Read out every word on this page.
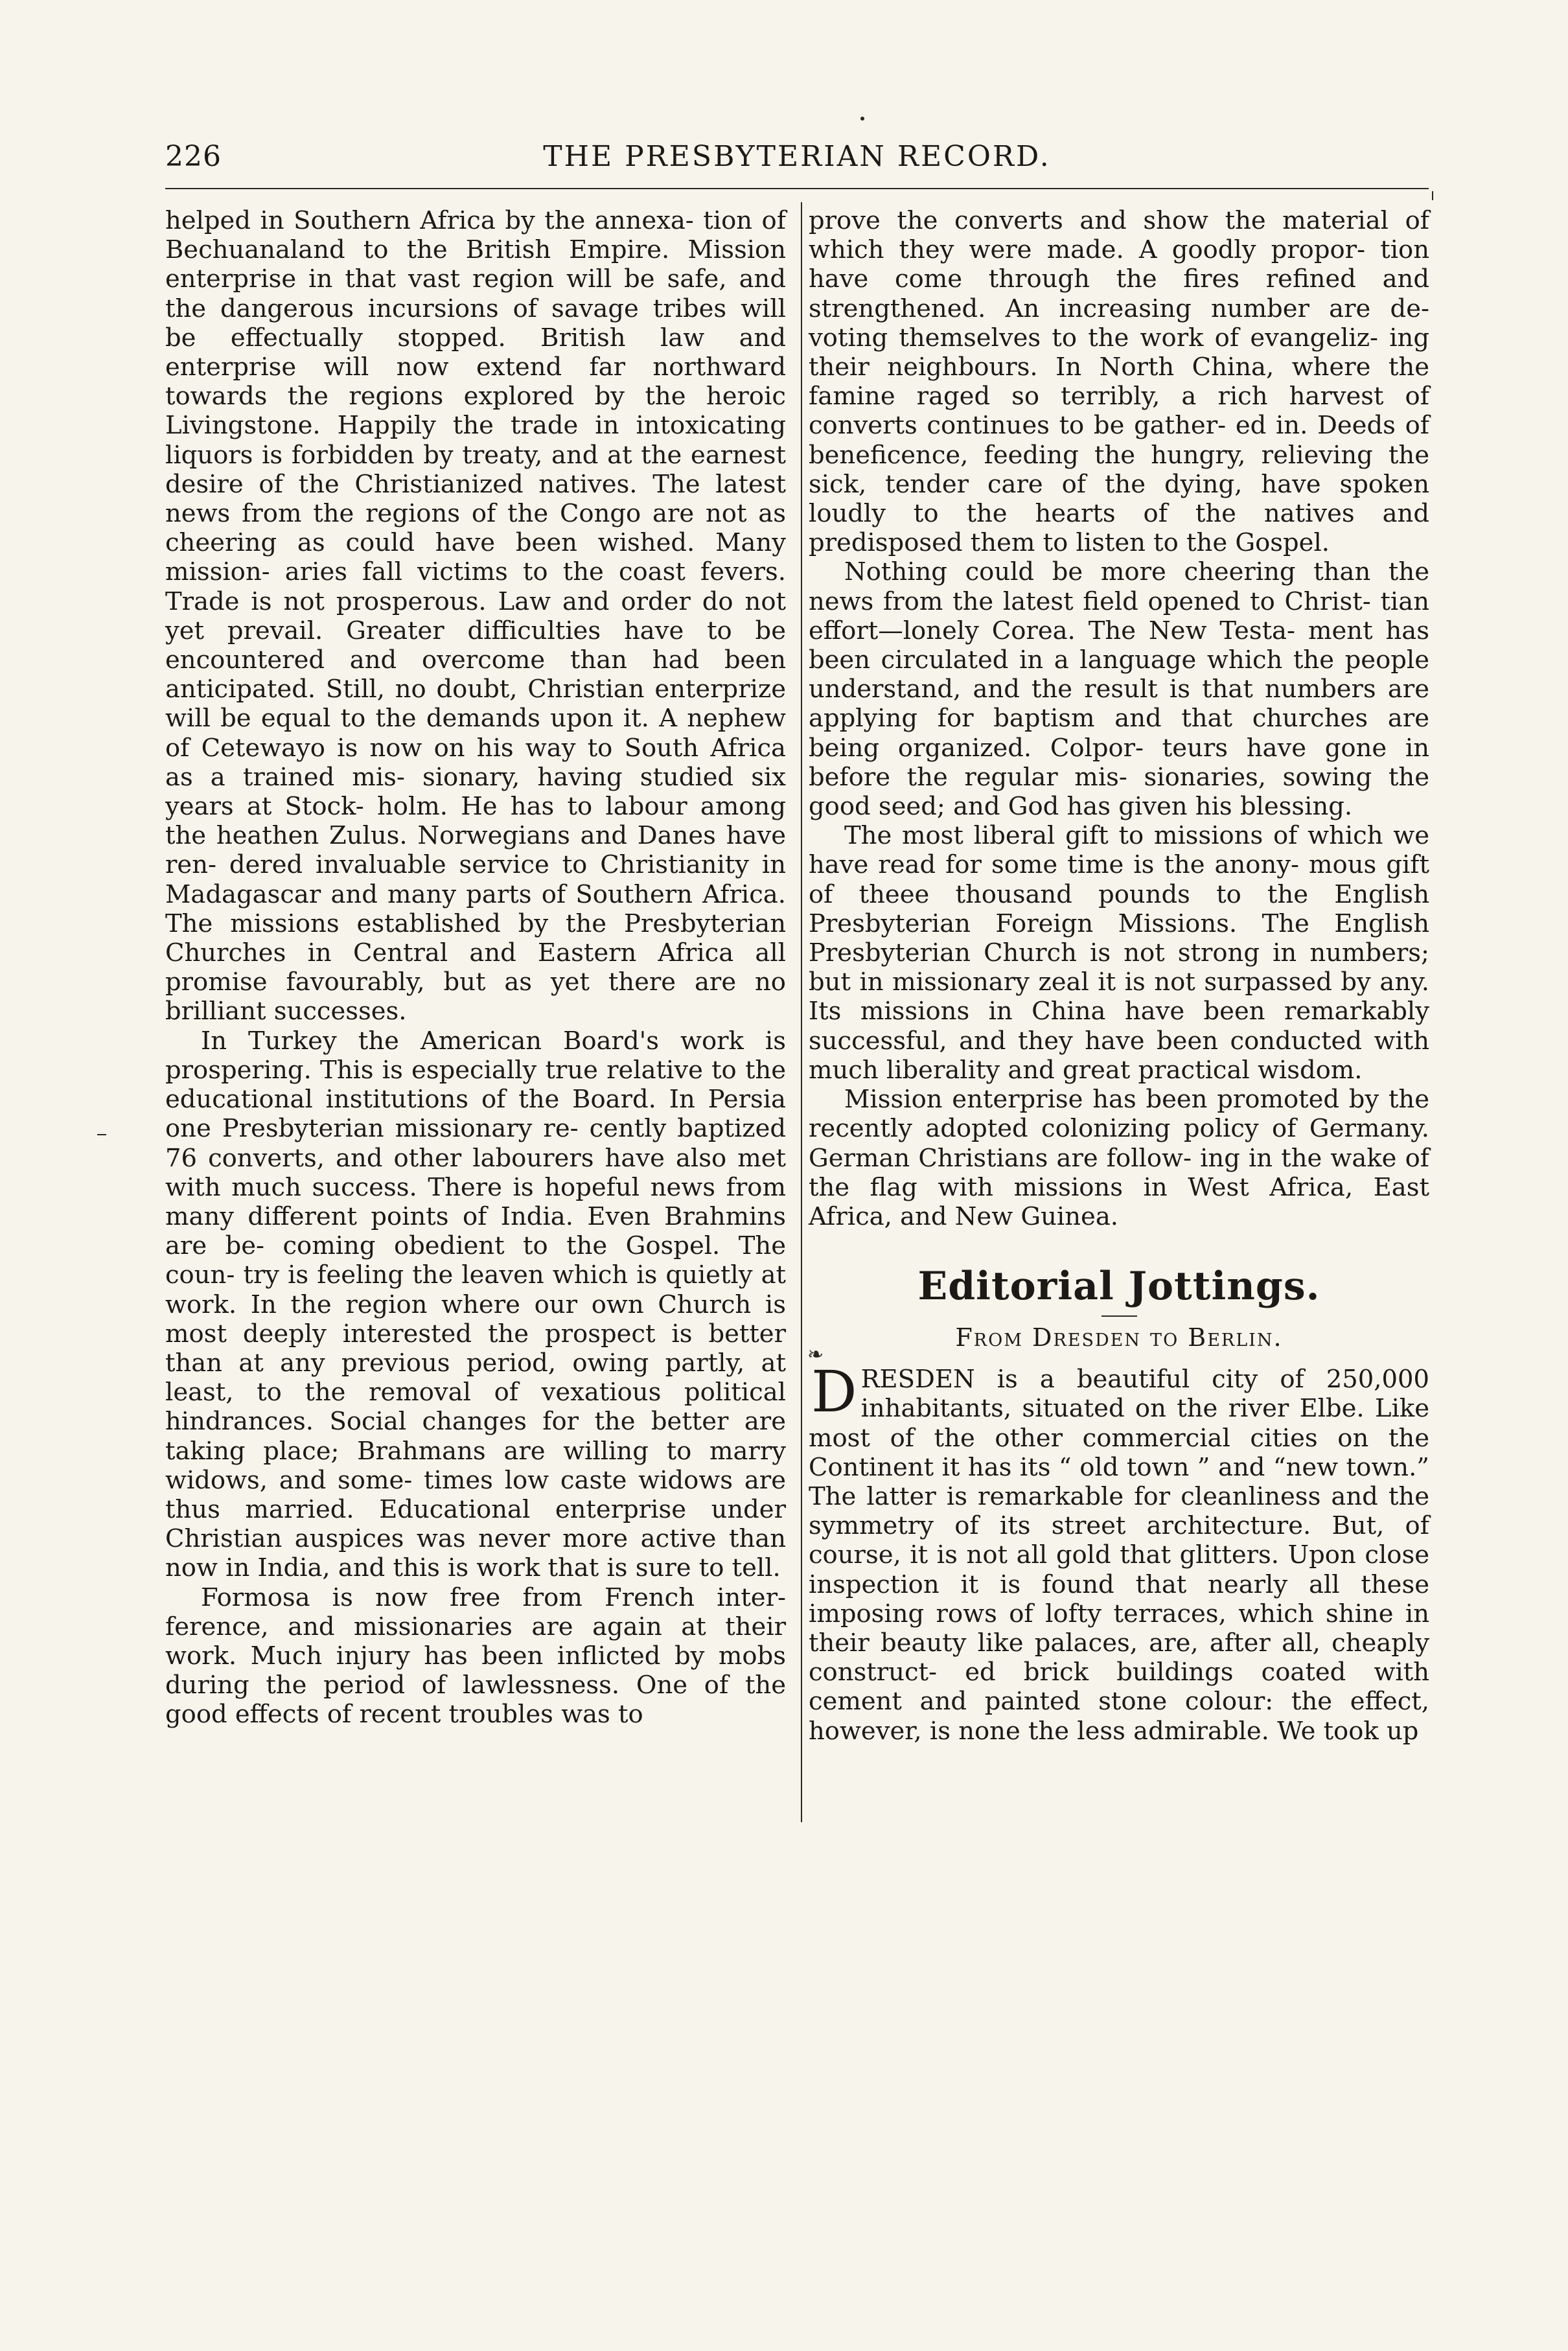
226	THE PRESBYTERIAN RECORD.

helped in Southern Africa by the annexa- tion of Bechuanaland to the British Empire. Mission enterprise in that vast region will be safe, and the dangerous incursions of savage tribes will be effectually stopped. British law and enterprise will now extend far northward towards the regions explored by the heroic Livingstone. Happily the trade in intoxicating liquors is forbidden by treaty, and at the earnest desire of the Christianized natives. The latest news from the regions of the Congo are not as cheering as could have been wished. Many mission- aries fall victims to the coast fevers. Trade is not prosperous. Law and order do not yet prevail. Greater difficulties have to be encountered and overcome than had been anticipated. Still, no doubt, Christian enterprize will be equal to the demands upon it. A nephew of Cetewayo is now on his way to South Africa as a trained mis- sionary, having studied six years at Stock- holm. He has to labour among the heathen Zulus. Norwegians and Danes have ren- dered invaluable service to Christianity in Madagascar and many parts of Southern Africa. The missions established by the Presbyterian Churches in Central and Eastern Africa all promise favourably, but as yet there are no brilliant successes.

In Turkey the American Board's work is prospering. This is especially true relative to the educational institutions of the Board. In Persia one Presbyterian missionary re- cently baptized 76 converts, and other labourers have also met with much success. There is hopeful news from many different points of India. Even Brahmins are be- coming obedient to the Gospel. The coun- try is feeling the leaven which is quietly at work. In the region where our own Church is most deeply interested the prospect is better than at any previous period, owing partly, at least, to the removal of vexatious political hindrances. Social changes for the better are taking place; Brahmans are willing to marry widows, and some- times low caste widows are thus married. Educational enterprise under Christian auspices was never more active than now in India, and this is work that is sure to tell.

Formosa is now free from French inter- ference, and missionaries are again at their work. Much injury has been inflicted by mobs during the period of lawlessness. One of the good effects of recent troubles was to

prove the converts and show the material of which they were made. A goodly propor- tion have come through the fires refined and strengthened. An increasing number are de- voting themselves to the work of evangeliz- ing their neighbours. In North China, where the famine raged so terribly, a rich harvest of converts continues to be gather- ed in. Deeds of beneficence, feeding the hungry, relieving the sick, tender care of the dying, have spoken loudly to the hearts of the natives and predisposed them to listen to the Gospel.

Nothing could be more cheering than the news from the latest field opened to Christ- tian effort—lonely Corea. The New Testa- ment has been circulated in a language which the people understand, and the result is that numbers are applying for baptism and that churches are being organized. Colpor- teurs have gone in before the regular mis- sionaries, sowing the good seed; and God has given his blessing.

The most liberal gift to missions of which we have read for some time is the anony- mous gift of theee thousand pounds to the English Presbyterian Foreign Missions. The English Presbyterian Church is not strong in numbers; but in missionary zeal it is not surpassed by any. Its missions in China have been remarkably successful, and they have been conducted with much liberality and great practical wisdom.

Mission enterprise has been promoted by the recently adopted colonizing policy of Germany. German Christians are follow- ing in the wake of the flag with missions in West Africa, East Africa, and New Guinea.

Editorial Jottings.
From Dresden to Berlin.

❧
D RESDEN is a beautiful city of 250,000 inhabitants, situated on the river Elbe. Like most of the other commercial cities on the Continent it has its “ old town ” and “new town.” The latter is remarkable for cleanliness and the symmetry of its street architecture. But, of course, it is not all gold that glitters. Upon close inspection it is found that nearly all these imposing rows of lofty terraces, which shine in their beauty like palaces, are, after all, cheaply construct- ed brick buildings coated with cement and painted stone colour: the effect, however, is none the less admirable. We took up
